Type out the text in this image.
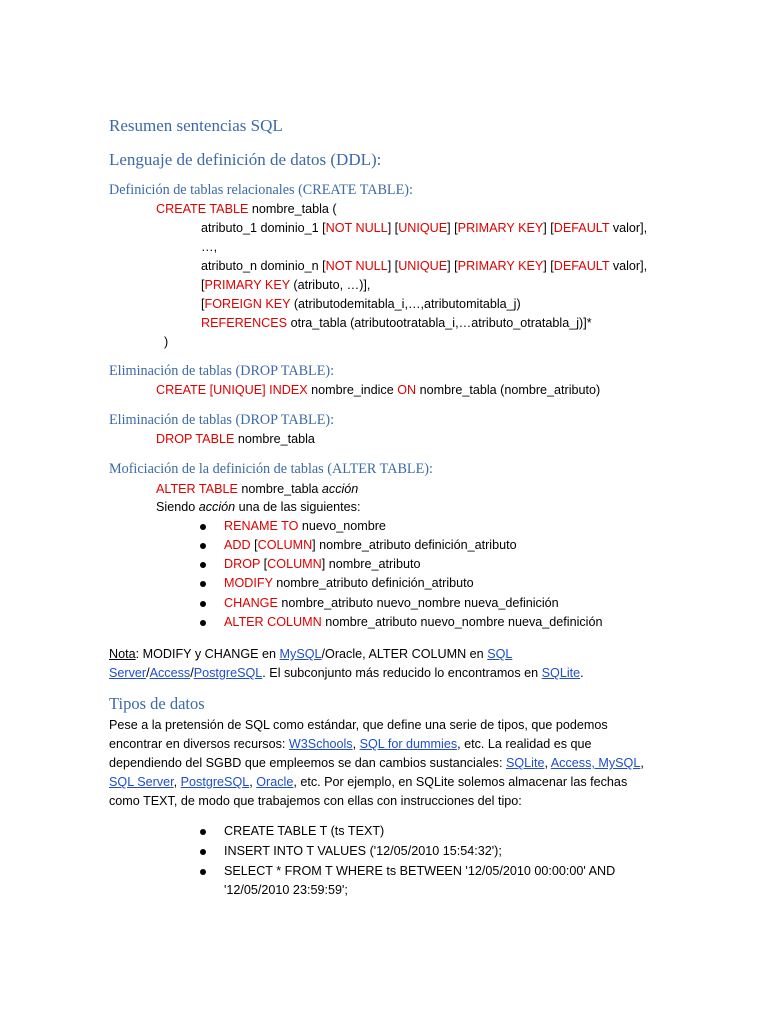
Resumen sentencias SQL
Lenguaje de definición de datos (DDL):
Definición de tablas relacionales (CREATE TABLE):
CREATE TABLE nombre_tabla (
atributo_1 dominio_1 [NOT NULL] [UNIQUE] [PRIMARY KEY] [DEFAULT valor],
…,
atributo_n dominio_n [NOT NULL] [UNIQUE] [PRIMARY KEY] [DEFAULT valor],
[PRIMARY KEY (atributo, …)],
[FOREIGN KEY (atributodemitabla_i,…,atributomitabla_j)
REFERENCES otra_tabla (atributootratabla_i,…atributo_otratabla_j)]*
)
Eliminación de tablas (DROP TABLE):
CREATE [UNIQUE] INDEX nombre_indice ON nombre_tabla (nombre_atributo)
Eliminación de tablas (DROP TABLE):
DROP TABLE nombre_tabla
Moficiación de la definición de tablas (ALTER TABLE):
ALTER TABLE nombre_tabla acción
Siendo acción una de las siguientes:
RENAME TO nuevo_nombre
ADD [COLUMN] nombre_atributo definición_atributo
DROP [COLUMN] nombre_atributo
MODIFY nombre_atributo definición_atributo
CHANGE nombre_atributo nuevo_nombre nueva_definición
ALTER COLUMN nombre_atributo nuevo_nombre nueva_definición
Nota: MODIFY y CHANGE en MySQL/Oracle, ALTER COLUMN en SQL
Server/Access/PostgreSQL. El subconjunto más reducido lo encontramos en SQLite.
Tipos de datos
Pese a la pretensión de SQL como estándar, que define una serie de tipos, que podemos
encontrar en diversos recursos: W3Schools, SQL for dummies, etc. La realidad es que
dependiendo del SGBD que empleemos se dan cambios sustanciales: SQLite, Access, MySQL,
SQL Server, PostgreSQL, Oracle, etc. Por ejemplo, en SQLite solemos almacenar las fechas
como TEXT, de modo que trabajemos con ellas con instrucciones del tipo:
CREATE TABLE T (ts TEXT)
INSERT INTO T VALUES ('12/05/2010 15:54:32');
SELECT * FROM T WHERE ts BETWEEN '12/05/2010 00:00:00' AND
'12/05/2010 23:59:59';
